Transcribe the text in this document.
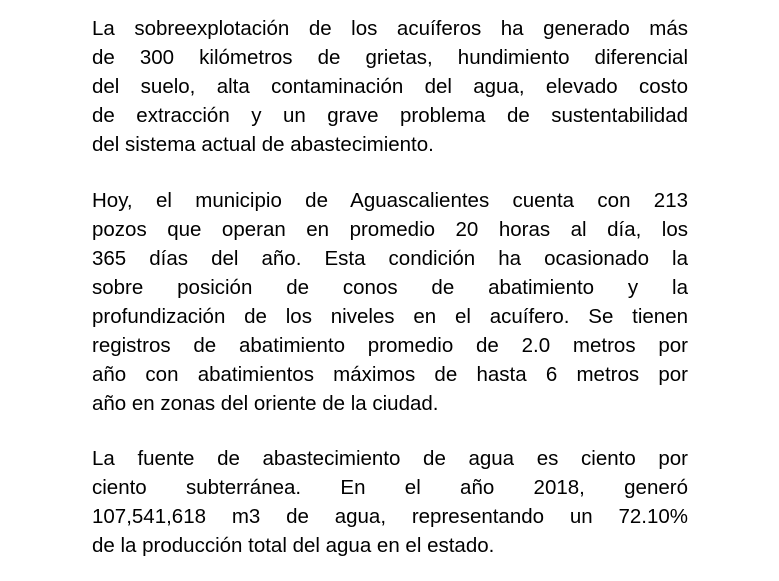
La sobreexplotación de los acuíferos ha generado más
de 300 kilómetros de grietas, hundimiento diferencial
del suelo, alta contaminación del agua, elevado costo
de extracción y un grave problema de sustentabilidad
del sistema actual de abastecimiento.

Hoy, el municipio de Aguascalientes cuenta con 213
pozos que operan en promedio 20 horas al día, los
365 días del año. Esta condición ha ocasionado la
sobre posición de conos de abatimiento y la
profundización de los niveles en el acuífero. Se tienen
registros de abatimiento promedio de 2.0 metros por
año con abatimientos máximos de hasta 6 metros por
año en zonas del oriente de la ciudad.

La fuente de abastecimiento de agua es ciento por
ciento subterránea. En el año 2018, generó
107,541,618 m3 de agua, representando un 72.10%
de la producción total del agua en el estado.
